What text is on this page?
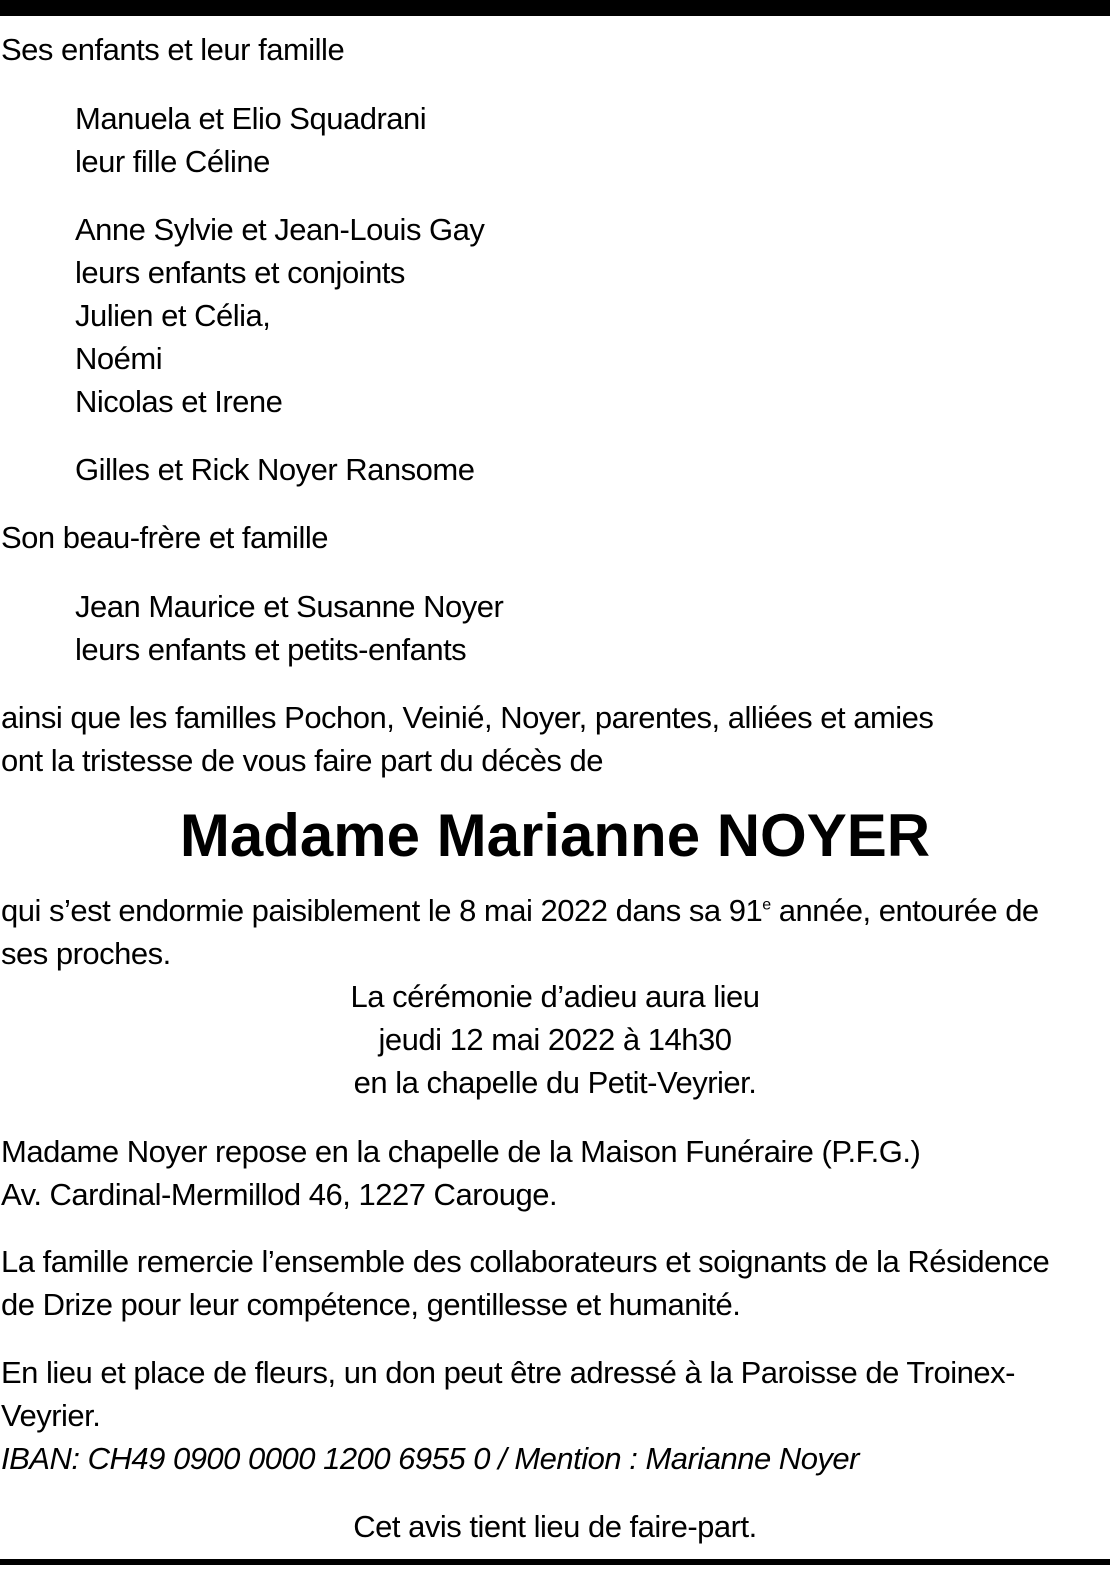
Ses enfants et leur famille
Manuela et Elio Squadrani
leur fille Céline
Anne Sylvie et Jean-Louis Gay
leurs enfants et conjoints
Julien et Célia,
Noémi
Nicolas et Irene
Gilles et Rick Noyer Ransome
Son beau-frère et famille
Jean Maurice et Susanne Noyer
leurs enfants et petits-enfants
ainsi que les familles Pochon, Veinié, Noyer, parentes, alliées et amies
ont la tristesse de vous faire part du décès de
Madame Marianne NOYER
qui s’est endormie paisiblement le 8 mai 2022 dans sa 91e année, entourée de
ses proches.
La cérémonie d’adieu aura lieu
jeudi 12 mai 2022 à 14h30
en la chapelle du Petit-Veyrier.
Madame Noyer repose en la chapelle de la Maison Funéraire (P.F.G.)
Av. Cardinal-Mermillod 46, 1227 Carouge.
La famille remercie l’ensemble des collaborateurs et soignants de la Résidence
de Drize pour leur compétence, gentillesse et humanité.
En lieu et place de fleurs, un don peut être adressé à la Paroisse de Troinex-
Veyrier.
IBAN: CH49 0900 0000 1200 6955 0 / Mention : Marianne Noyer
Cet avis tient lieu de faire-part.
